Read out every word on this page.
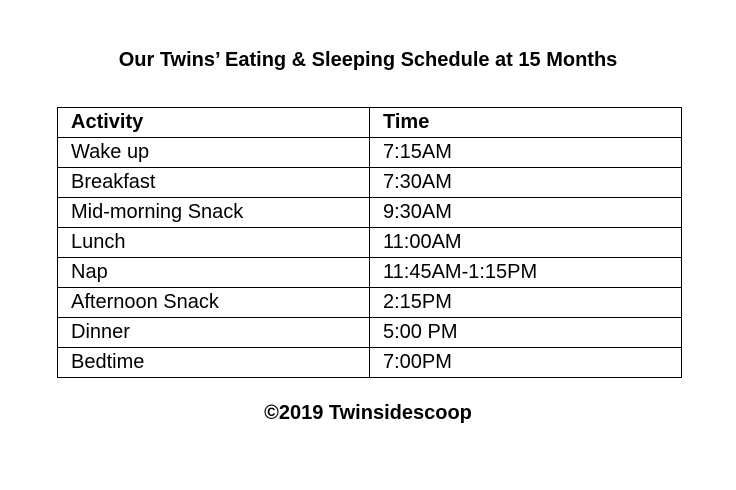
Our Twins’ Eating & Sleeping Schedule at 15 Months
Activity	Time
Wake up	7:15AM
Breakfast	7:30AM
Mid-morning Snack	9:30AM
Lunch	11:00AM
Nap	11:45AM-1:15PM
Afternoon Snack	2:15PM
Dinner	5:00 PM
Bedtime	7:00PM
©2019 Twinsidescoop
